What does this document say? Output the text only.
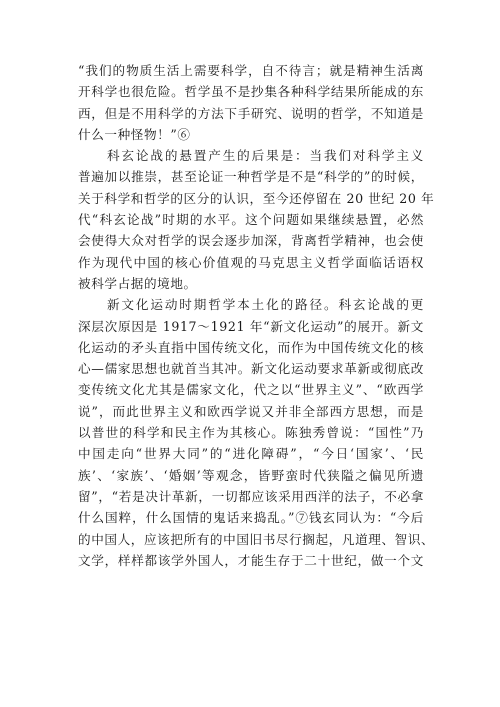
“我们的物质生活上需要科学，自不待言；就是精神生活离
开科学也很危险。哲学虽不是抄集各种科学结果所能成的东
西，但是不用科学的方法下手研究、说明的哲学，不知道是
什么一种怪物！”⑥

　　科玄论战的悬置产生的后果是：当我们对科学主义
普遍加以推崇，甚至论证一种哲学是不是“科学的”的时候，
关于科学和哲学的区分的认识，至今还停留在 20 世纪 20 年
代“科玄论战”时期的水平。这个问题如果继续悬置，必然
会使得大众对哲学的误会逐步加深，背离哲学精神，也会使
作为现代中国的核心价值观的马克思主义哲学面临话语权
被科学占据的境地。

　　新文化运动时期哲学本土化的路径。科玄论战的更
深层次原因是 1917～1921 年“新文化运动”的展开。新文
化运动的矛头直指中国传统文化，而作为中国传统文化的核
心—儒家思想也就首当其冲。新文化运动要求革新或彻底改
变传统文化尤其是儒家文化，代之以“世界主义”、“欧西学
说”，而此世界主义和欧西学说又并非全部西方思想，而是
以普世的科学和民主作为其核心。陈独秀曾说：“国性”乃
中国走向“世界大同”的“进化障碍”，“今日‘国家’、‘民
族’、‘家族’、‘婚姻’等观念，皆野蛮时代狭隘之偏见所遗
留”，“若是决计革新，一切都应该采用西洋的法子，不必拿
什么国粹，什么国情的鬼话来捣乱。”⑦钱玄同认为：“今后
的中国人，应该把所有的中国旧书尽行搁起，凡道理、智识、
文学，样样都该学外国人，才能生存于二十世纪，做一个文
